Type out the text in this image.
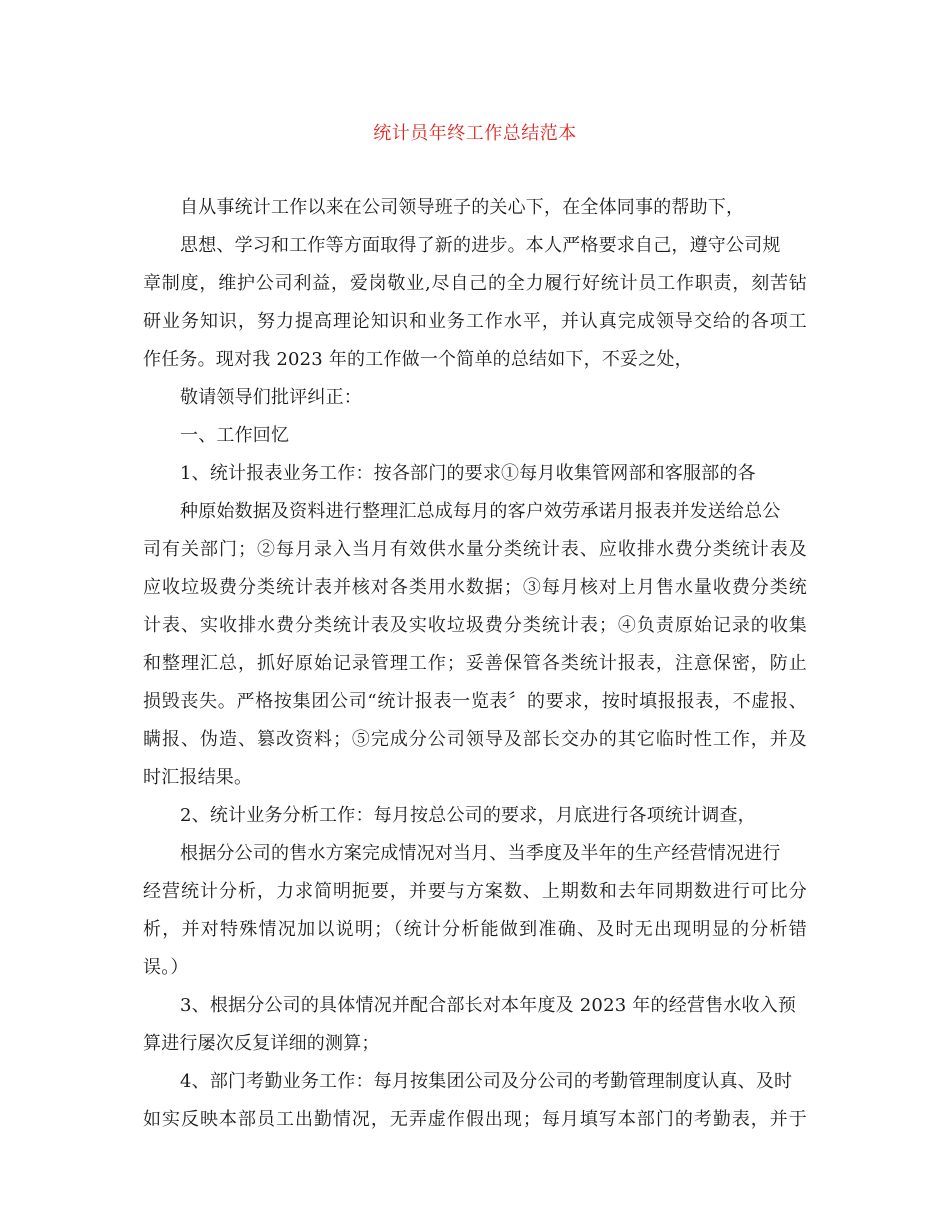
统计员年终工作总结范本
自从事统计工作以来在公司领导班子的关心下，在全体同事的帮助下，
思想、学习和工作等方面取得了新的进步。本人严格要求自己，遵守公司规
章制度，维护公司利益，爱岗敬业,尽自己的全力履行好统计员工作职责，刻苦钻
研业务知识，努力提高理论知识和业务工作水平，并认真完成领导交给的各项工
作任务。现对我 2023 年的工作做一个简单的总结如下，不妥之处，
敬请领导们批评纠正：
一、工作回忆
1、统计报表业务工作：按各部门的要求①每月收集管网部和客服部的各
种原始数据及资料进行整理汇总成每月的客户效劳承诺月报表并发送给总公
司有关部门；②每月录入当月有效供水量分类统计表、应收排水费分类统计表及
应收垃圾费分类统计表并核对各类用水数据；③每月核对上月售水量收费分类统
计表、实收排水费分类统计表及实收垃圾费分类统计表；④负责原始记录的收集
和整理汇总，抓好原始记录管理工作；妥善保管各类统计报表，注意保密，防止
损毁丧失。严格按集团公司“统计报表一览表〞的要求，按时填报报表，不虚报、
瞒报、伪造、篡改资料；⑤完成分公司领导及部长交办的其它临时性工作，并及
时汇报结果。
2、统计业务分析工作：每月按总公司的要求，月底进行各项统计调查，
根据分公司的售水方案完成情况对当月、当季度及半年的生产经营情况进行
经营统计分析，力求简明扼要，并要与方案数、上期数和去年同期数进行可比分
析，并对特殊情况加以说明；（统计分析能做到准确、及时无出现明显的分析错
误。）
3、根据分公司的具体情况并配合部长对本年度及 2023 年的经营售水收入预
算进行屡次反复详细的测算；
4、部门考勤业务工作：每月按集团公司及分公司的考勤管理制度认真、及时
如实反映本部员工出勤情况，无弄虚作假出现；每月填写本部门的考勤表，并于
